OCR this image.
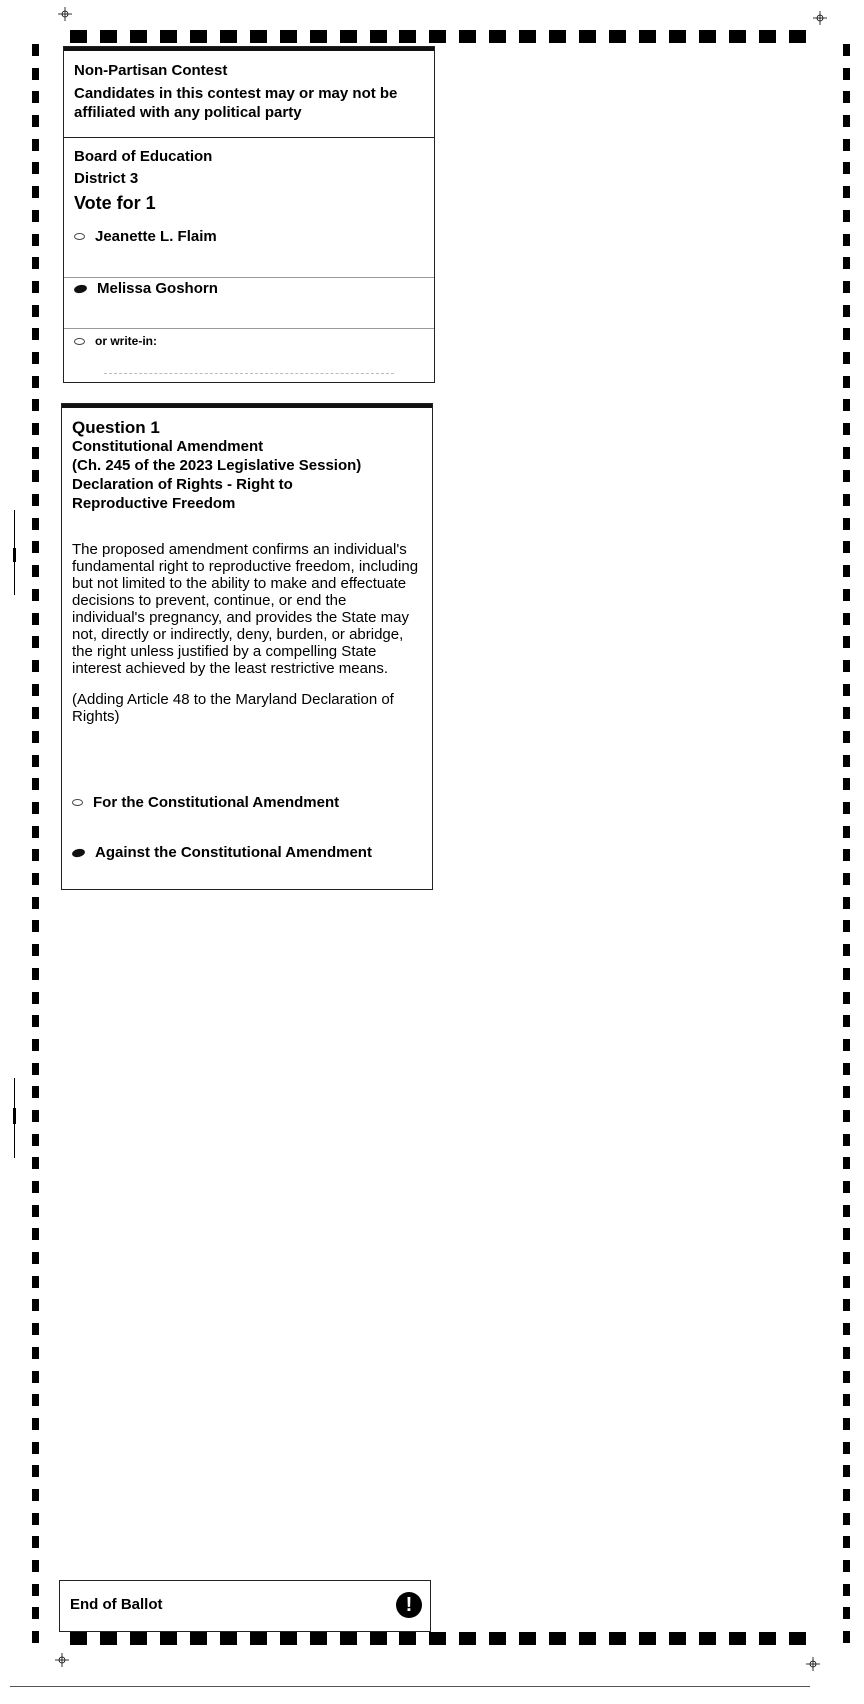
Non-Partisan Contest
Candidates in this contest may or may not be affiliated with any political party
Board of Education
District 3
Vote for 1
Jeanette L. Flaim
Melissa Goshorn
or write-in:
Question 1
Constitutional Amendment
(Ch. 245 of the 2023 Legislative Session)
Declaration of Rights - Right to Reproductive Freedom

The proposed amendment confirms an individual's fundamental right to reproductive freedom, including but not limited to the ability to make and effectuate decisions to prevent, continue, or end the individual's pregnancy, and provides the State may not, directly or indirectly, deny, burden, or abridge, the right unless justified by a compelling State interest achieved by the least restrictive means.

(Adding Article 48 to the Maryland Declaration of Rights)

For the Constitutional Amendment
Against the Constitutional Amendment
End of Ballot	!
